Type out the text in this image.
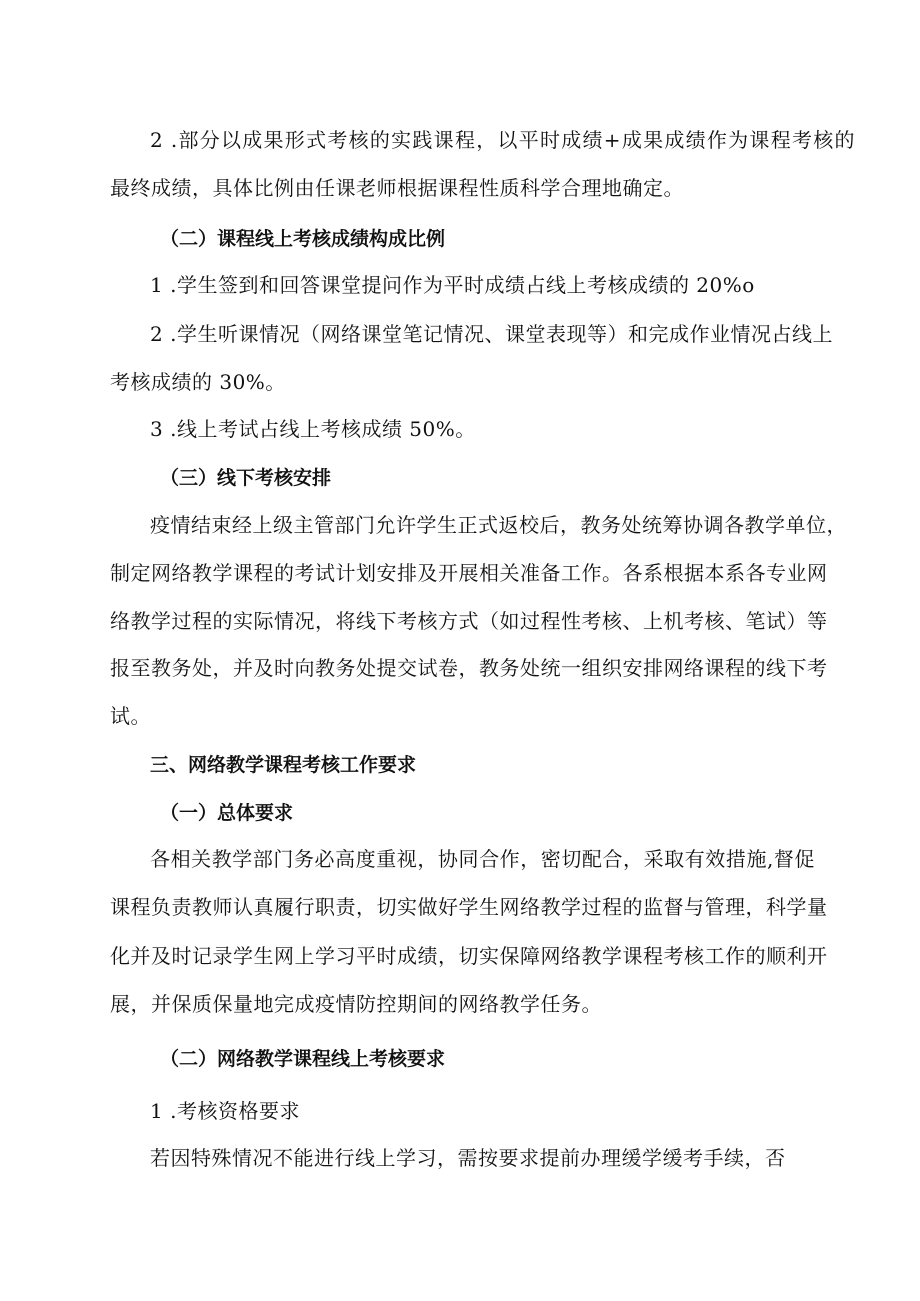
2 .部分以成果形式考核的实践课程，以平时成绩+成果成绩作为课程考核的
最终成绩，具体比例由任课老师根据课程性质科学合理地确定。
（二）课程线上考核成绩构成比例
1 .学生签到和回答课堂提问作为平时成绩占线上考核成绩的 20%o
2 .学生听课情况（网络课堂笔记情况、课堂表现等）和完成作业情况占线上
考核成绩的 30%。
3 .线上考试占线上考核成绩 50%。
（三）线下考核安排
疫情结束经上级主管部门允许学生正式返校后，教务处统筹协调各教学单位，
制定网络教学课程的考试计划安排及开展相关准备工作。各系根据本系各专业网
络教学过程的实际情况，将线下考核方式（如过程性考核、上机考核、笔试）等
报至教务处，并及时向教务处提交试卷，教务处统一组织安排网络课程的线下考
试。
三、网络教学课程考核工作要求
（一）总体要求
各相关教学部门务必高度重视，协同合作，密切配合，采取有效措施,督促
课程负责教师认真履行职责，切实做好学生网络教学过程的监督与管理，科学量
化并及时记录学生网上学习平时成绩，切实保障网络教学课程考核工作的顺利开
展，并保质保量地完成疫情防控期间的网络教学任务。
（二）网络教学课程线上考核要求
1 .考核资格要求
若因特殊情况不能进行线上学习，需按要求提前办理缓学缓考手续，否
